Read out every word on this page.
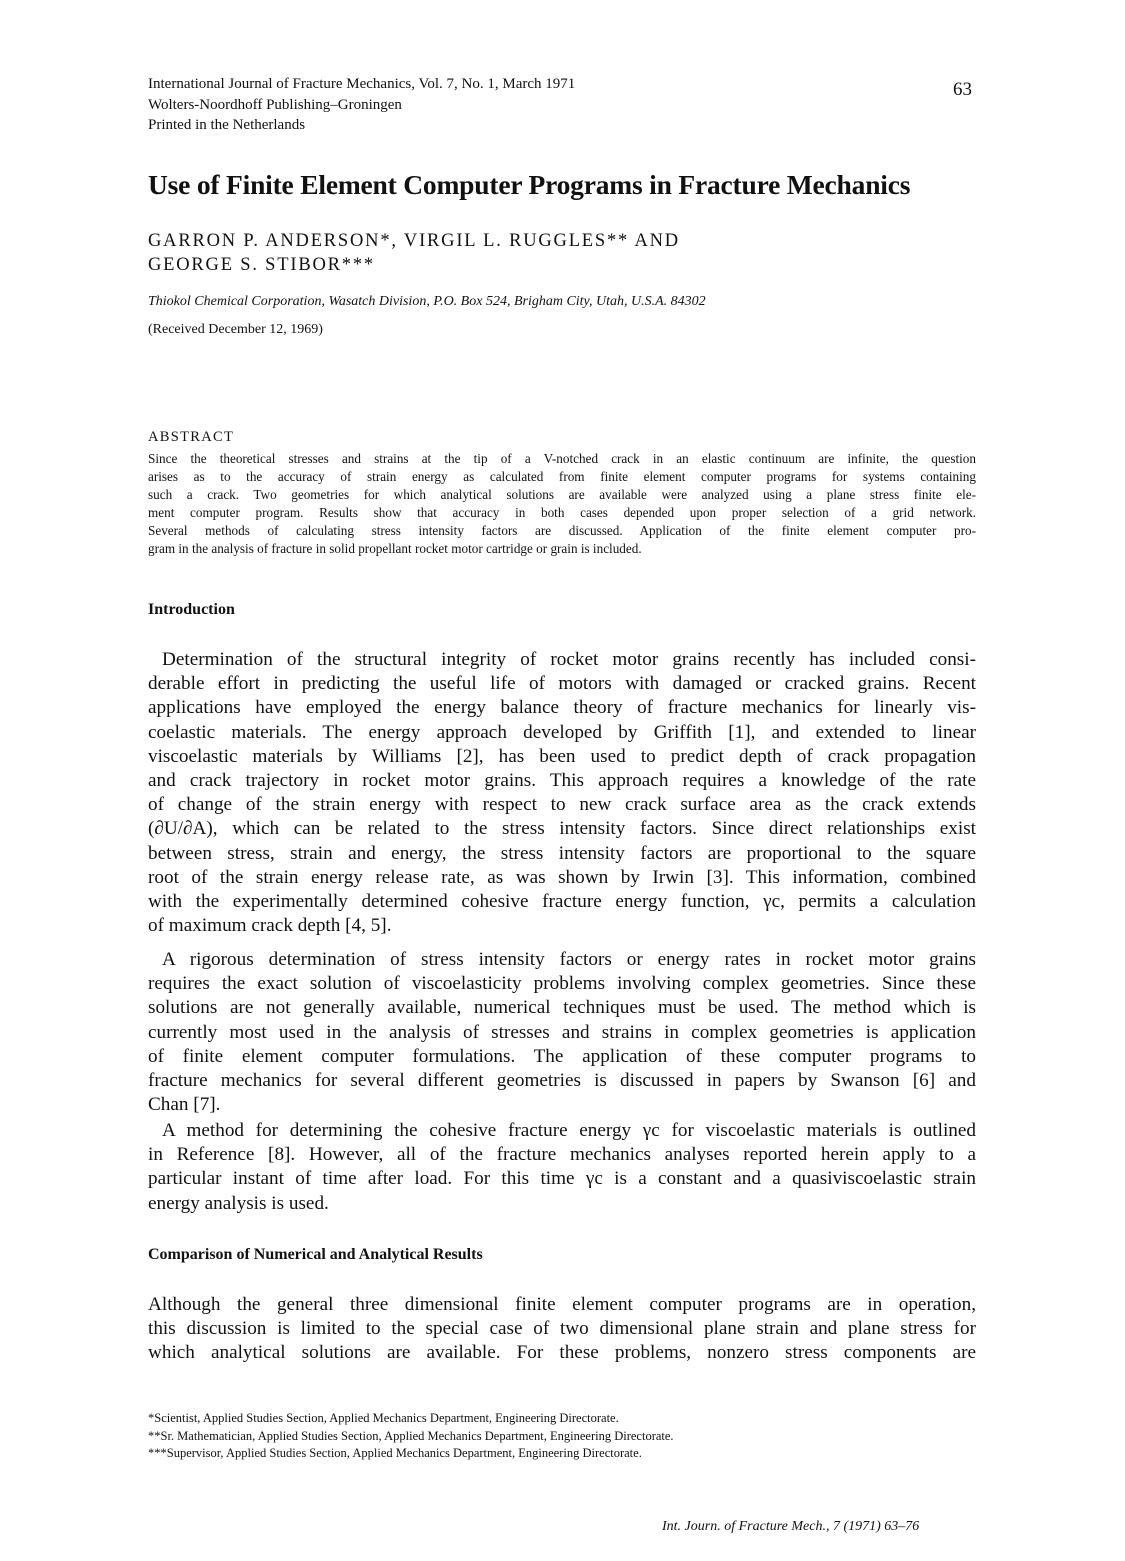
International Journal of Fracture Mechanics, Vol. 7, No. 1, March 1971
Wolters-Noordhoff Publishing–Groningen
Printed in the Netherlands
63
Use of Finite Element Computer Programs in Fracture Mechanics
GARRON P. ANDERSON*, VIRGIL L. RUGGLES** AND
GEORGE S. STIBOR***
Thiokol Chemical Corporation, Wasatch Division, P.O. Box 524, Brigham City, Utah, U.S.A. 84302
(Received December 12, 1969)
ABSTRACT
Since the theoretical stresses and strains at the tip of a V-notched crack in an elastic continuum are infinite, the question
arises as to the accuracy of strain energy as calculated from finite element computer programs for systems containing
such a crack. Two geometries for which analytical solutions are available were analyzed using a plane stress finite ele-
ment computer program. Results show that accuracy in both cases depended upon proper selection of a grid network.
Several methods of calculating stress intensity factors are discussed. Application of the finite element computer pro-
gram in the analysis of fracture in solid propellant rocket motor cartridge or grain is included.
Introduction
Determination of the structural integrity of rocket motor grains recently has included consi-
derable effort in predicting the useful life of motors with damaged or cracked grains. Recent
applications have employed the energy balance theory of fracture mechanics for linearly vis-
coelastic materials. The energy approach developed by Griffith [1], and extended to linear
viscoelastic materials by Williams [2], has been used to predict depth of crack propagation
and crack trajectory in rocket motor grains. This approach requires a knowledge of the rate
of change of the strain energy with respect to new crack surface area as the crack extends
(∂U/∂A), which can be related to the stress intensity factors. Since direct relationships exist
between stress, strain and energy, the stress intensity factors are proportional to the square
root of the strain energy release rate, as was shown by Irwin [3]. This information, combined
with the experimentally determined cohesive fracture energy function, γc, permits a calculation
of maximum crack depth [4, 5].
A rigorous determination of stress intensity factors or energy rates in rocket motor grains
requires the exact solution of viscoelasticity problems involving complex geometries. Since these
solutions are not generally available, numerical techniques must be used. The method which is
currently most used in the analysis of stresses and strains in complex geometries is application
of finite element computer formulations. The application of these computer programs to
fracture mechanics for several different geometries is discussed in papers by Swanson [6] and
Chan [7].
A method for determining the cohesive fracture energy γc for viscoelastic materials is outlined
in Reference [8]. However, all of the fracture mechanics analyses reported herein apply to a
particular instant of time after load. For this time γc is a constant and a quasiviscoelastic strain
energy analysis is used.
Comparison of Numerical and Analytical Results
Although the general three dimensional finite element computer programs are in operation,
this discussion is limited to the special case of two dimensional plane strain and plane stress for
which analytical solutions are available. For these problems, nonzero stress components are
*Scientist, Applied Studies Section, Applied Mechanics Department, Engineering Directorate.
**Sr. Mathematician, Applied Studies Section, Applied Mechanics Department, Engineering Directorate.
***Supervisor, Applied Studies Section, Applied Mechanics Department, Engineering Directorate.
Int. Journ. of Fracture Mech., 7 (1971) 63–76
